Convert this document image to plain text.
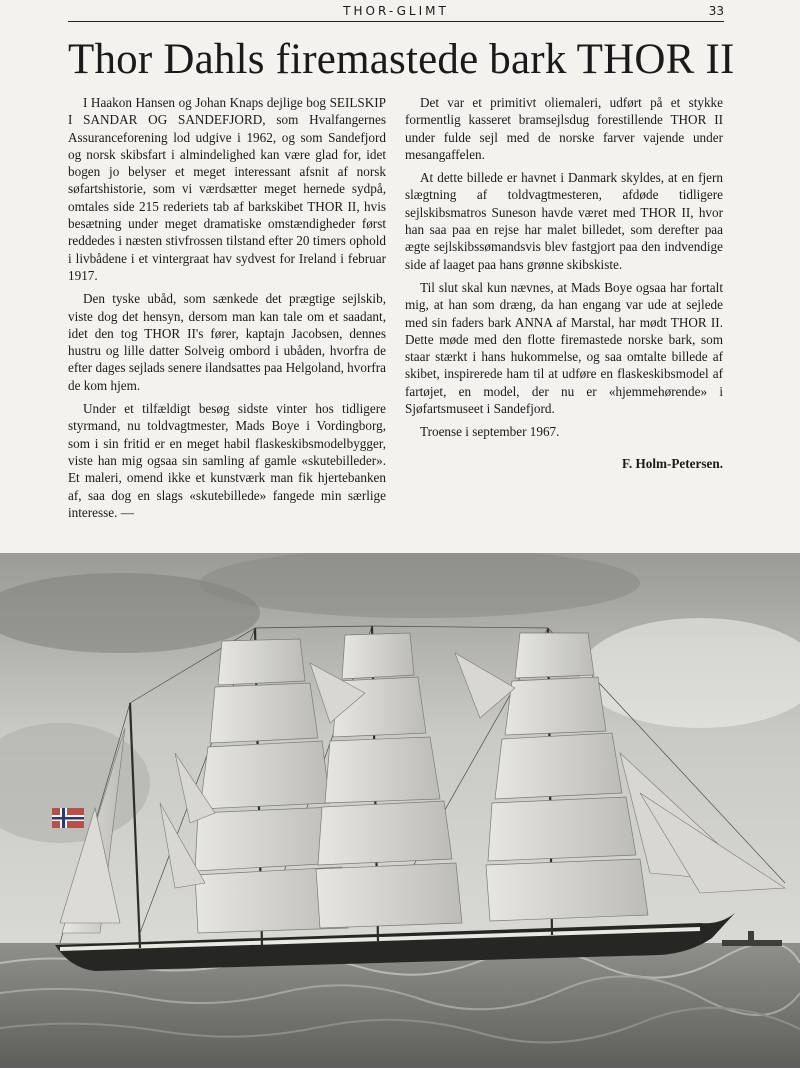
THOR-GLIMT	33
Thor Dahls firemastede bark THOR II

I Haakon Hansen og Johan Knaps dejlige bog SEILSKIP I SANDAR OG SANDEFJORD, som Hvalfangernes Assuranceforening lod udgive i 1962, og som Sandefjord og norsk skibsfart i almindelighed kan være glad for, idet bogen jo belyser et meget interessant afsnit af norsk søfartshistorie, som vi værdsætter meget hernede sydpå, omtales side 215 rederiets tab af barkskibet THOR II, hvis besætning under meget dramatiske omstændigheder først reddedes i næsten stivfrossen tilstand efter 20 timers ophold i livbådene i et vintergraat hav sydvest for Ireland i februar 1917.

Den tyske ubåd, som sænkede det prægtige sejlskib, viste dog det hensyn, dersom man kan tale om et saadant, idet den tog THOR II's fører, kaptajn Jacobsen, dennes hustru og lille datter Solveig ombord i ubåden, hvorfra de efter dages sejlads senere ilandsattes paa Helgoland, hvorfra de kom hjem.

Under et tilfældigt besøg sidste vinter hos tidligere styrmand, nu toldvagtmester, Mads Boye i Vordingborg, som i sin fritid er en meget habil flaskeskibsmodelbygger, viste han mig ogsaa sin samling af gamle «skutebilleder». Et maleri, omend ikke et kunstværk man fik hjertebanken af, saa dog en slags «skutebillede» fangede min særlige interesse. —

Det var et primitivt oliemaleri, udført på et stykke formentlig kasseret bramsejlsdug forestillende THOR II under fulde sejl med de norske farver vajende under mesangaffelen.

At dette billede er havnet i Danmark skyldes, at en fjern slægtning af toldvagtmesteren, afdøde tidligere sejlskibsmatros Suneson havde været med THOR II, hvor han saa paa en rejse har malet billedet, som derefter paa ægte sejlskibssømandsvis blev fastgjort paa den indvendige side af laaget paa hans grønne skibskiste.

Til slut skal kun nævnes, at Mads Boye ogsaa har fortalt mig, at han som dræng, da han engang var ude at sejlede med sin faders bark ANNA af Marstal, har mødt THOR II. Dette møde med den flotte firemastede norske bark, som staar stærkt i hans hukommelse, og saa omtalte billede af skibet, inspirerede ham til at udføre en flaskeskibsmodel af fartøjet, en model, der nu er «hjemmehørende» i Sjøfartsmuseet i Sandefjord.

Troense i september 1967.

F. Holm-Petersen.
